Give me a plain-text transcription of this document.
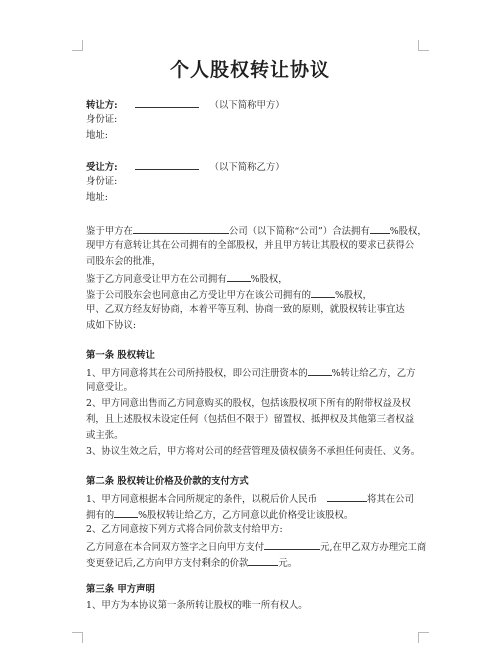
个人股权转让协议
转让方:	（以下简称甲方）
身份证:
地址:
受让方:	（以下简称乙方）
身份证:
地址:
鉴于甲方在	公司（以下简称“公司”）合法拥有 %股权，
现甲方有意转让其在公司拥有的全部股权，并且甲方转让其股权的要求已获得公
司股东会的批准，
鉴于乙方同意受让甲方在公司拥有	%股权，
鉴于公司股东会也同意由乙方受让甲方在该公司拥有的	%股权，
甲、乙双方经友好协商，本着平等互利、协商一致的原则，就股权转让事宜达
成如下协议:
第一条 股权转让
1、甲方同意将其在公司所持股权，即公司注册资本的	%转让给乙方，乙方
同意受让。
2、甲方同意出售而乙方同意购买的股权，包括该股权项下所有的附带权益及权
利，且上述股权未设定任何（包括但不限于）留置权、抵押权及其他第三者权益
或主张。
3、协议生效之后，甲方将对公司的经营管理及债权债务不承担任何责任、义务。
第二条 股权转让价格及价款的支付方式
1、甲方同意根据本合同所规定的条件，以税后价人民币	将其在公司
拥有的	%股权转让给乙方，乙方同意以此价格受让该股权。
2、乙方同意按下列方式将合同价款支付给甲方:
乙方同意在本合同双方签字之日向甲方支付	元,在甲乙双方办理完工商
变更登记后,乙方向甲方支付剩余的价款	元。
第三条 甲方声明
1、甲方为本协议第一条所转让股权的唯一所有权人。
